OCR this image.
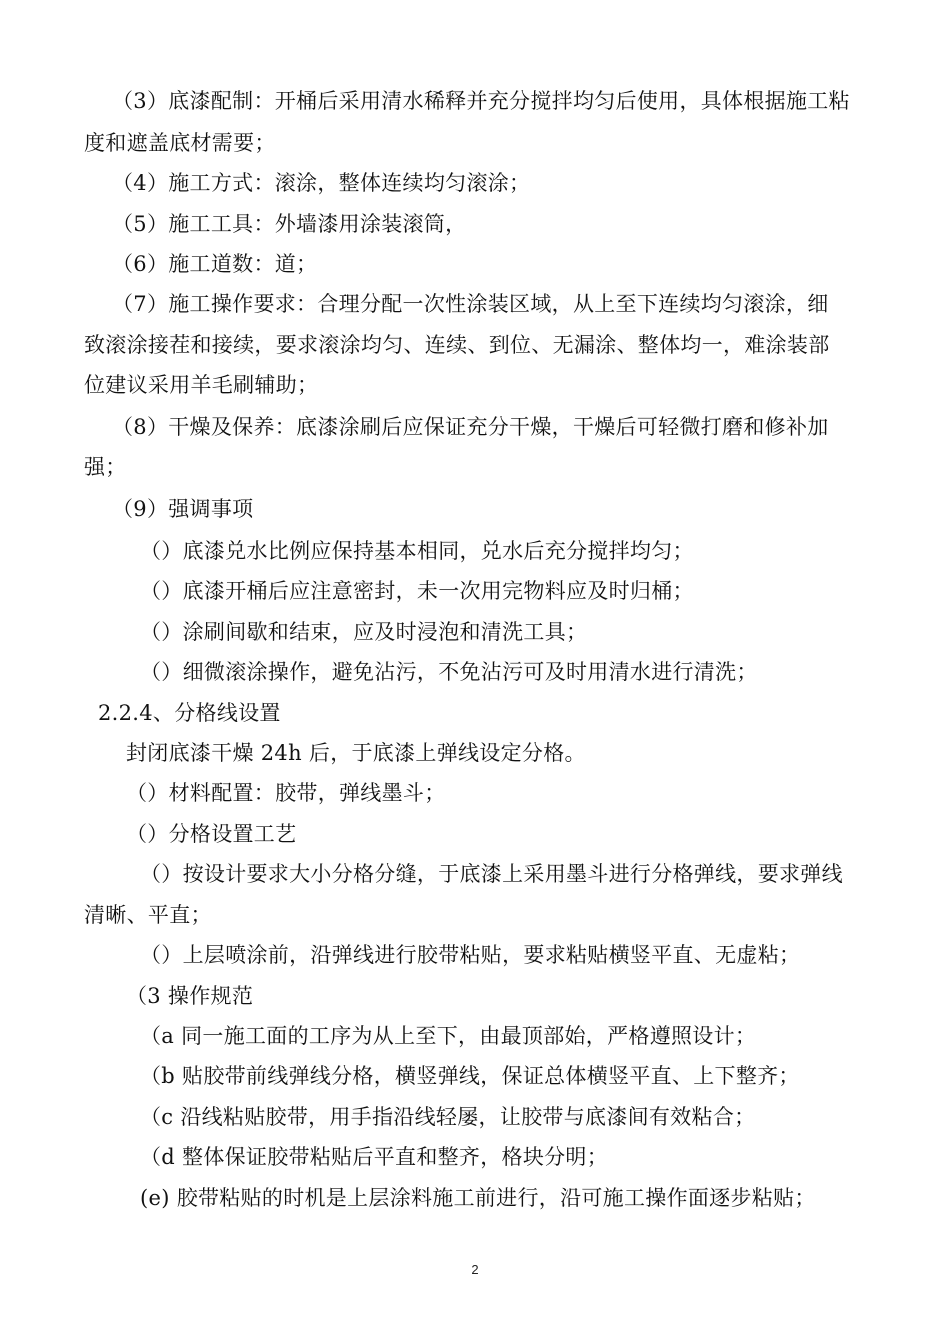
（3）底漆配制：开桶后采用清水稀释并充分搅拌均匀后使用，具体根据施工粘
度和遮盖底材需要；
（4）施工方式：滚涂，整体连续均匀滚涂；
（5）施工工具：外墙漆用涂装滚筒，
（6）施工道数：道；
（7）施工操作要求：合理分配一次性涂装区域，从上至下连续均匀滚涂，细
致滚涂接茬和接续，要求滚涂均匀、连续、到位、无漏涂、整体均一，难涂装部
位建议采用羊毛刷辅助；
（8）干燥及保养：底漆涂刷后应保证充分干燥，干燥后可轻微打磨和修补加
强；
（9）强调事项
（）底漆兑水比例应保持基本相同，兑水后充分搅拌均匀；
（）底漆开桶后应注意密封，未一次用完物料应及时归桶；
（）涂刷间歇和结束，应及时浸泡和清洗工具；
（）细微滚涂操作，避免沾污，不免沾污可及时用清水进行清洗；
2.2.4、分格线设置
封闭底漆干燥 24h 后，于底漆上弹线设定分格。
（）材料配置：胶带，弹线墨斗；
（）分格设置工艺
（）按设计要求大小分格分缝，于底漆上采用墨斗进行分格弹线，要求弹线
清晰、平直；
（）上层喷涂前，沿弹线进行胶带粘贴，要求粘贴横竖平直、无虚粘；
（3 操作规范
（a 同一施工面的工序为从上至下，由最顶部始，严格遵照设计；
（b 贴胶带前线弹线分格，横竖弹线，保证总体横竖平直、上下整齐；
（c 沿线粘贴胶带，用手指沿线轻屡，让胶带与底漆间有效粘合；
（d 整体保证胶带粘贴后平直和整齐，格块分明；
(e) 胶带粘贴的时机是上层涂料施工前进行，沿可施工操作面逐步粘贴；
2
